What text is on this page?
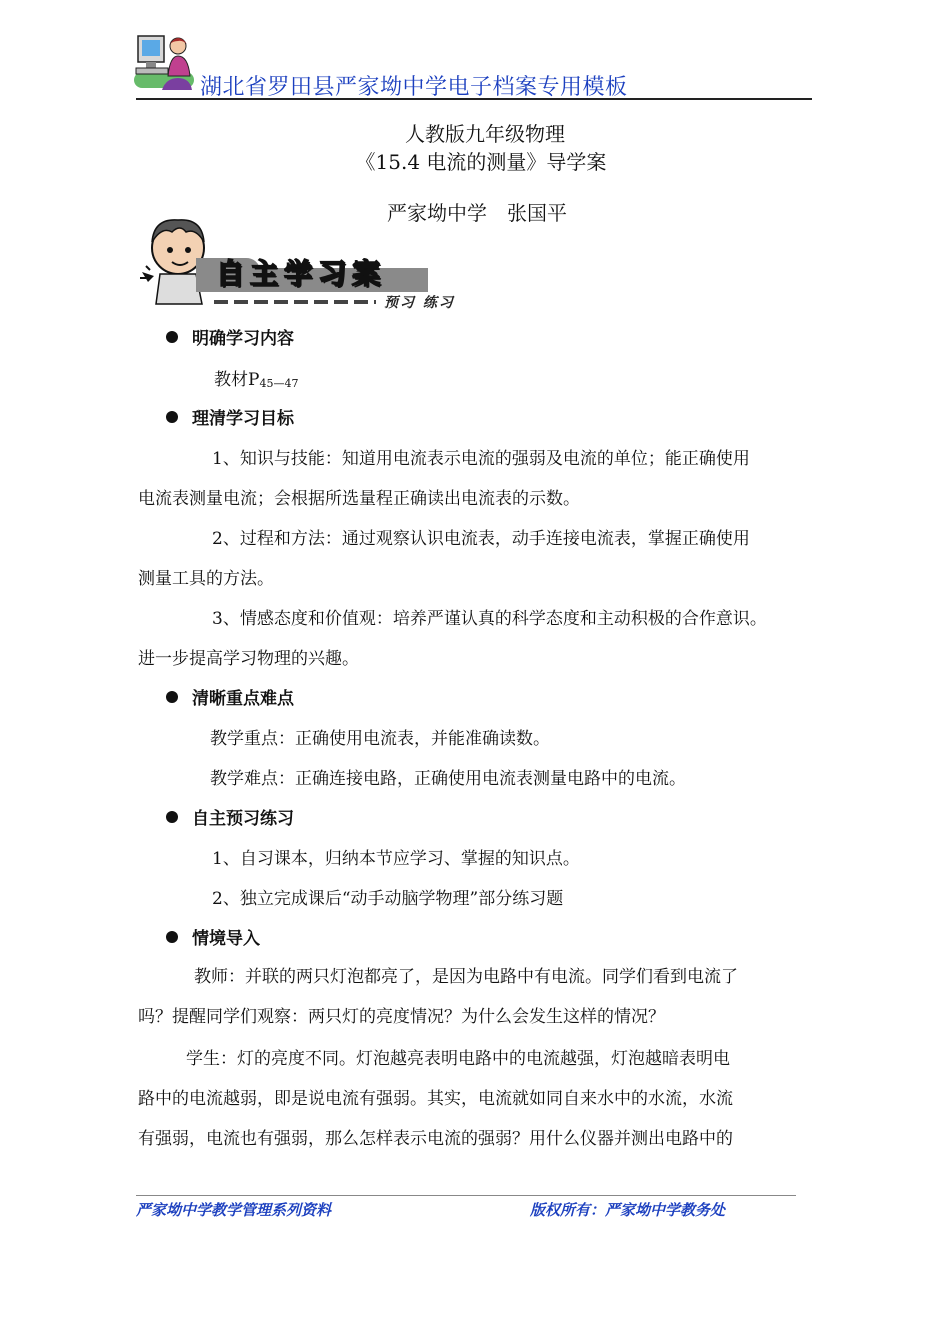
湖北省罗田县严家坳中学电子档案专用模板
人教版九年级物理
《15.4 电流的测量》导学案
严家坳中学　张国平
自主学习案
预习 练习
明确学习内容
教材P45—47
理清学习目标
1、知识与技能：知道用电流表示电流的强弱及电流的单位；能正确使用
电流表测量电流；会根据所选量程正确读出电流表的示数。
2、过程和方法：通过观察认识电流表，动手连接电流表，掌握正确使用
测量工具的方法。
3、情感态度和价值观：培养严谨认真的科学态度和主动积极的合作意识。
进一步提高学习物理的兴趣。
清晰重点难点
教学重点：正确使用电流表，并能准确读数。
教学难点：正确连接电路，正确使用电流表测量电路中的电流。
自主预习练习
1、自习课本，归纳本节应学习、掌握的知识点。
2、独立完成课后“动手动脑学物理”部分练习题
情境导入
教师：并联的两只灯泡都亮了，是因为电路中有电流。同学们看到电流了
吗？提醒同学们观察：两只灯的亮度情况？为什么会发生这样的情况？
学生：灯的亮度不同。灯泡越亮表明电路中的电流越强，灯泡越暗表明电
路中的电流越弱，即是说电流有强弱。其实，电流就如同自来水中的水流，水流
有强弱，电流也有强弱，那么怎样表示电流的强弱？用什么仪器并测出电路中的
严家坳中学教学管理系列资料	版权所有：严家坳中学教务处
